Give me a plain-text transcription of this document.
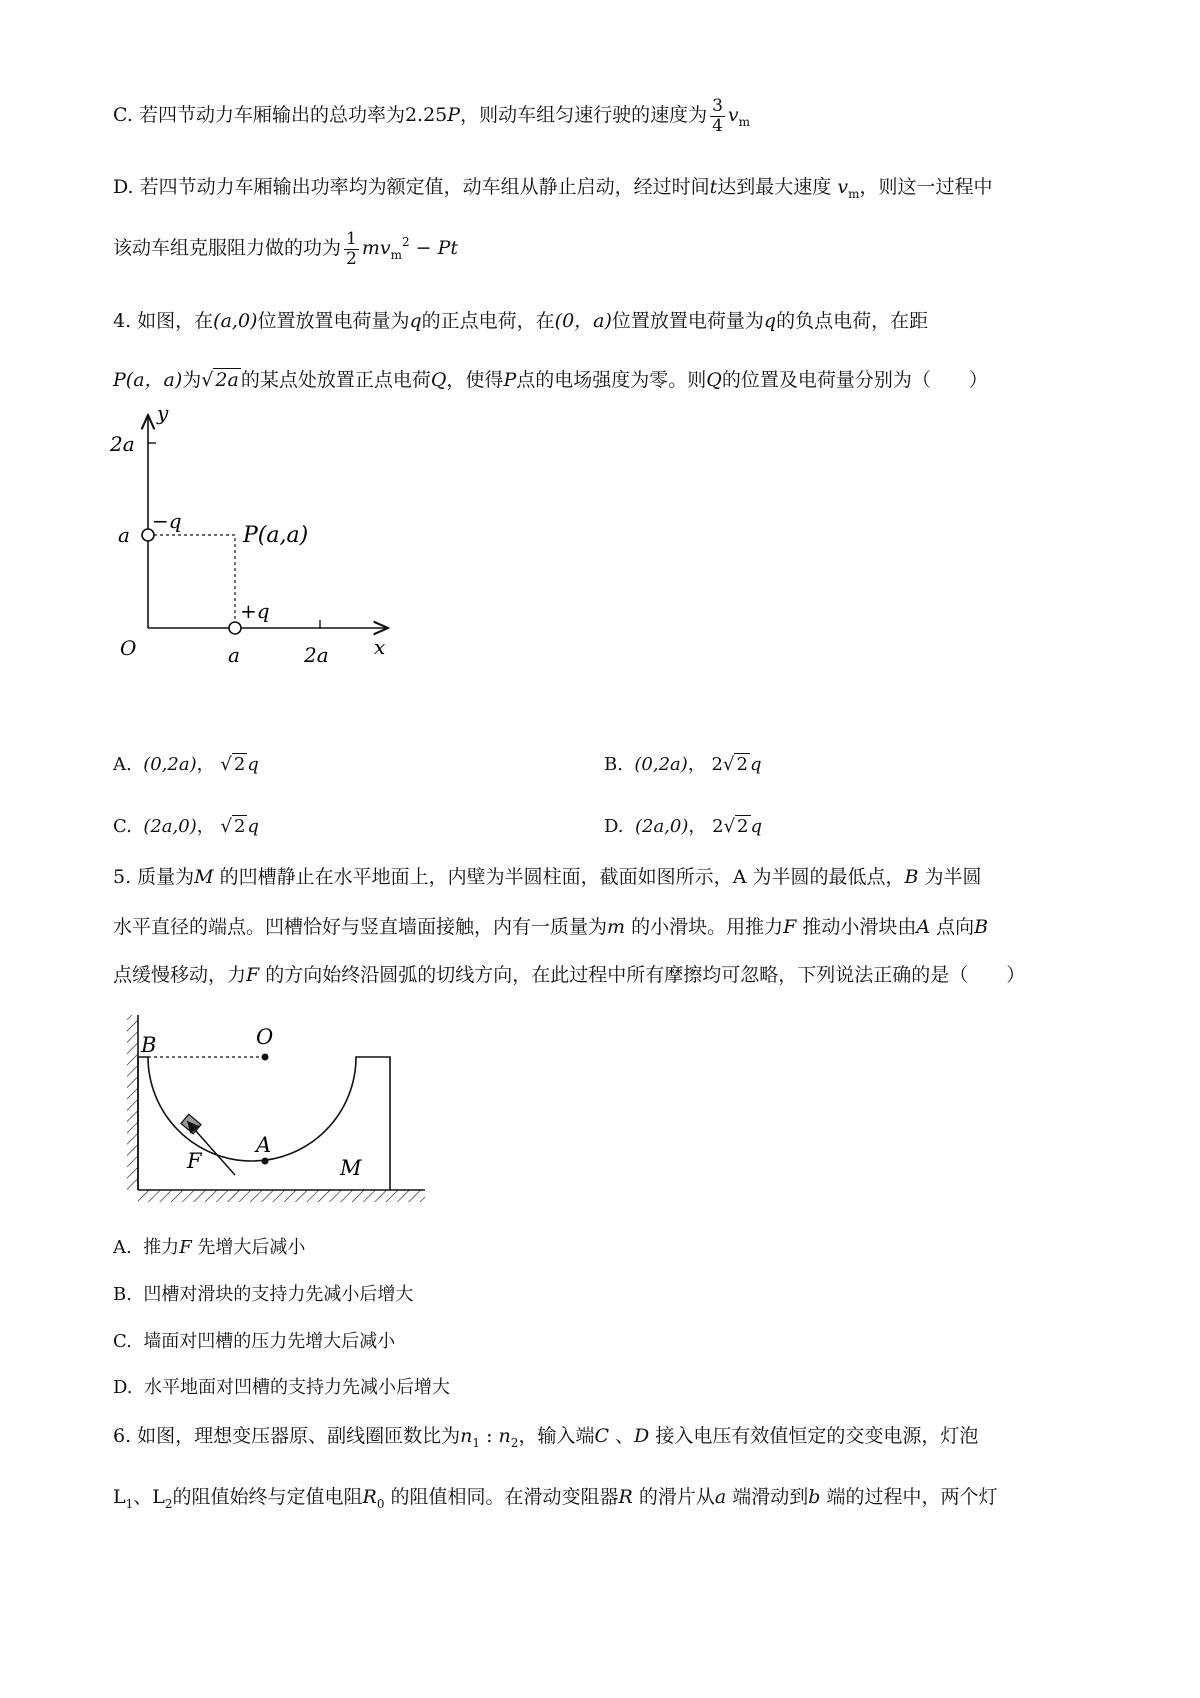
C. 若四节动力车厢输出的总功率为2.25P，则动车组匀速行驶的速度为 $\frac{3}{4} v_m$
D. 若四节动力车厢输出功率均为额定值，动车组从静止启动，经过时间t达到最大速度 $v_m$，则这一过程中
该动车组克服阻力做的功为 $\frac{1}{2} mv_m^2 - Pt$
4. 如图，在(a,0)位置放置电荷量为q的正点电荷，在(0，a)位置放置电荷量为q的负点电荷，在距
P(a，a)为√ 2a 的某点处放置正点电荷Q，使得P点的电场强度为零。则Q的位置及电荷量分别为（　　）
y
2a
a
−q
P(a,a)
+q
O	a	2a x
A. (0,2a)， √ 2 q	B. (0,2a)， 2√ 2 q
C. (2a,0)， √ 2 q	D. (2a,0)， 2√ 2 q
5. 质量为M 的凹槽静止在水平地面上，内壁为半圆柱面，截面如图所示，A 为半圆的最低点，B 为半圆
水平直径的端点。凹槽恰好与竖直墙面接触，内有一质量为m 的小滑块。用推力F 推动小滑块由A 点向B
点缓慢移动，力F 的方向始终沿圆弧的切线方向，在此过程中所有摩擦均可忽略，下列说法正确的是（　　）
B	O
A
F	M
A. 推力F 先增大后减小
B. 凹槽对滑块的支持力先减小后增大
C. 墙面对凹槽的压力先增大后减小
D. 水平地面对凹槽的支持力先减小后增大
6. 如图，理想变压器原、副线圈匝数比为$n_1$ : $n_2$，输入端C 、D 接入电压有效值恒定的交变电源，灯泡
$L_1$、$L_2$的阻值始终与定值电阻$R_0$ 的阻值相同。在滑动变阻器R 的滑片从a 端滑动到b 端的过程中，两个灯
